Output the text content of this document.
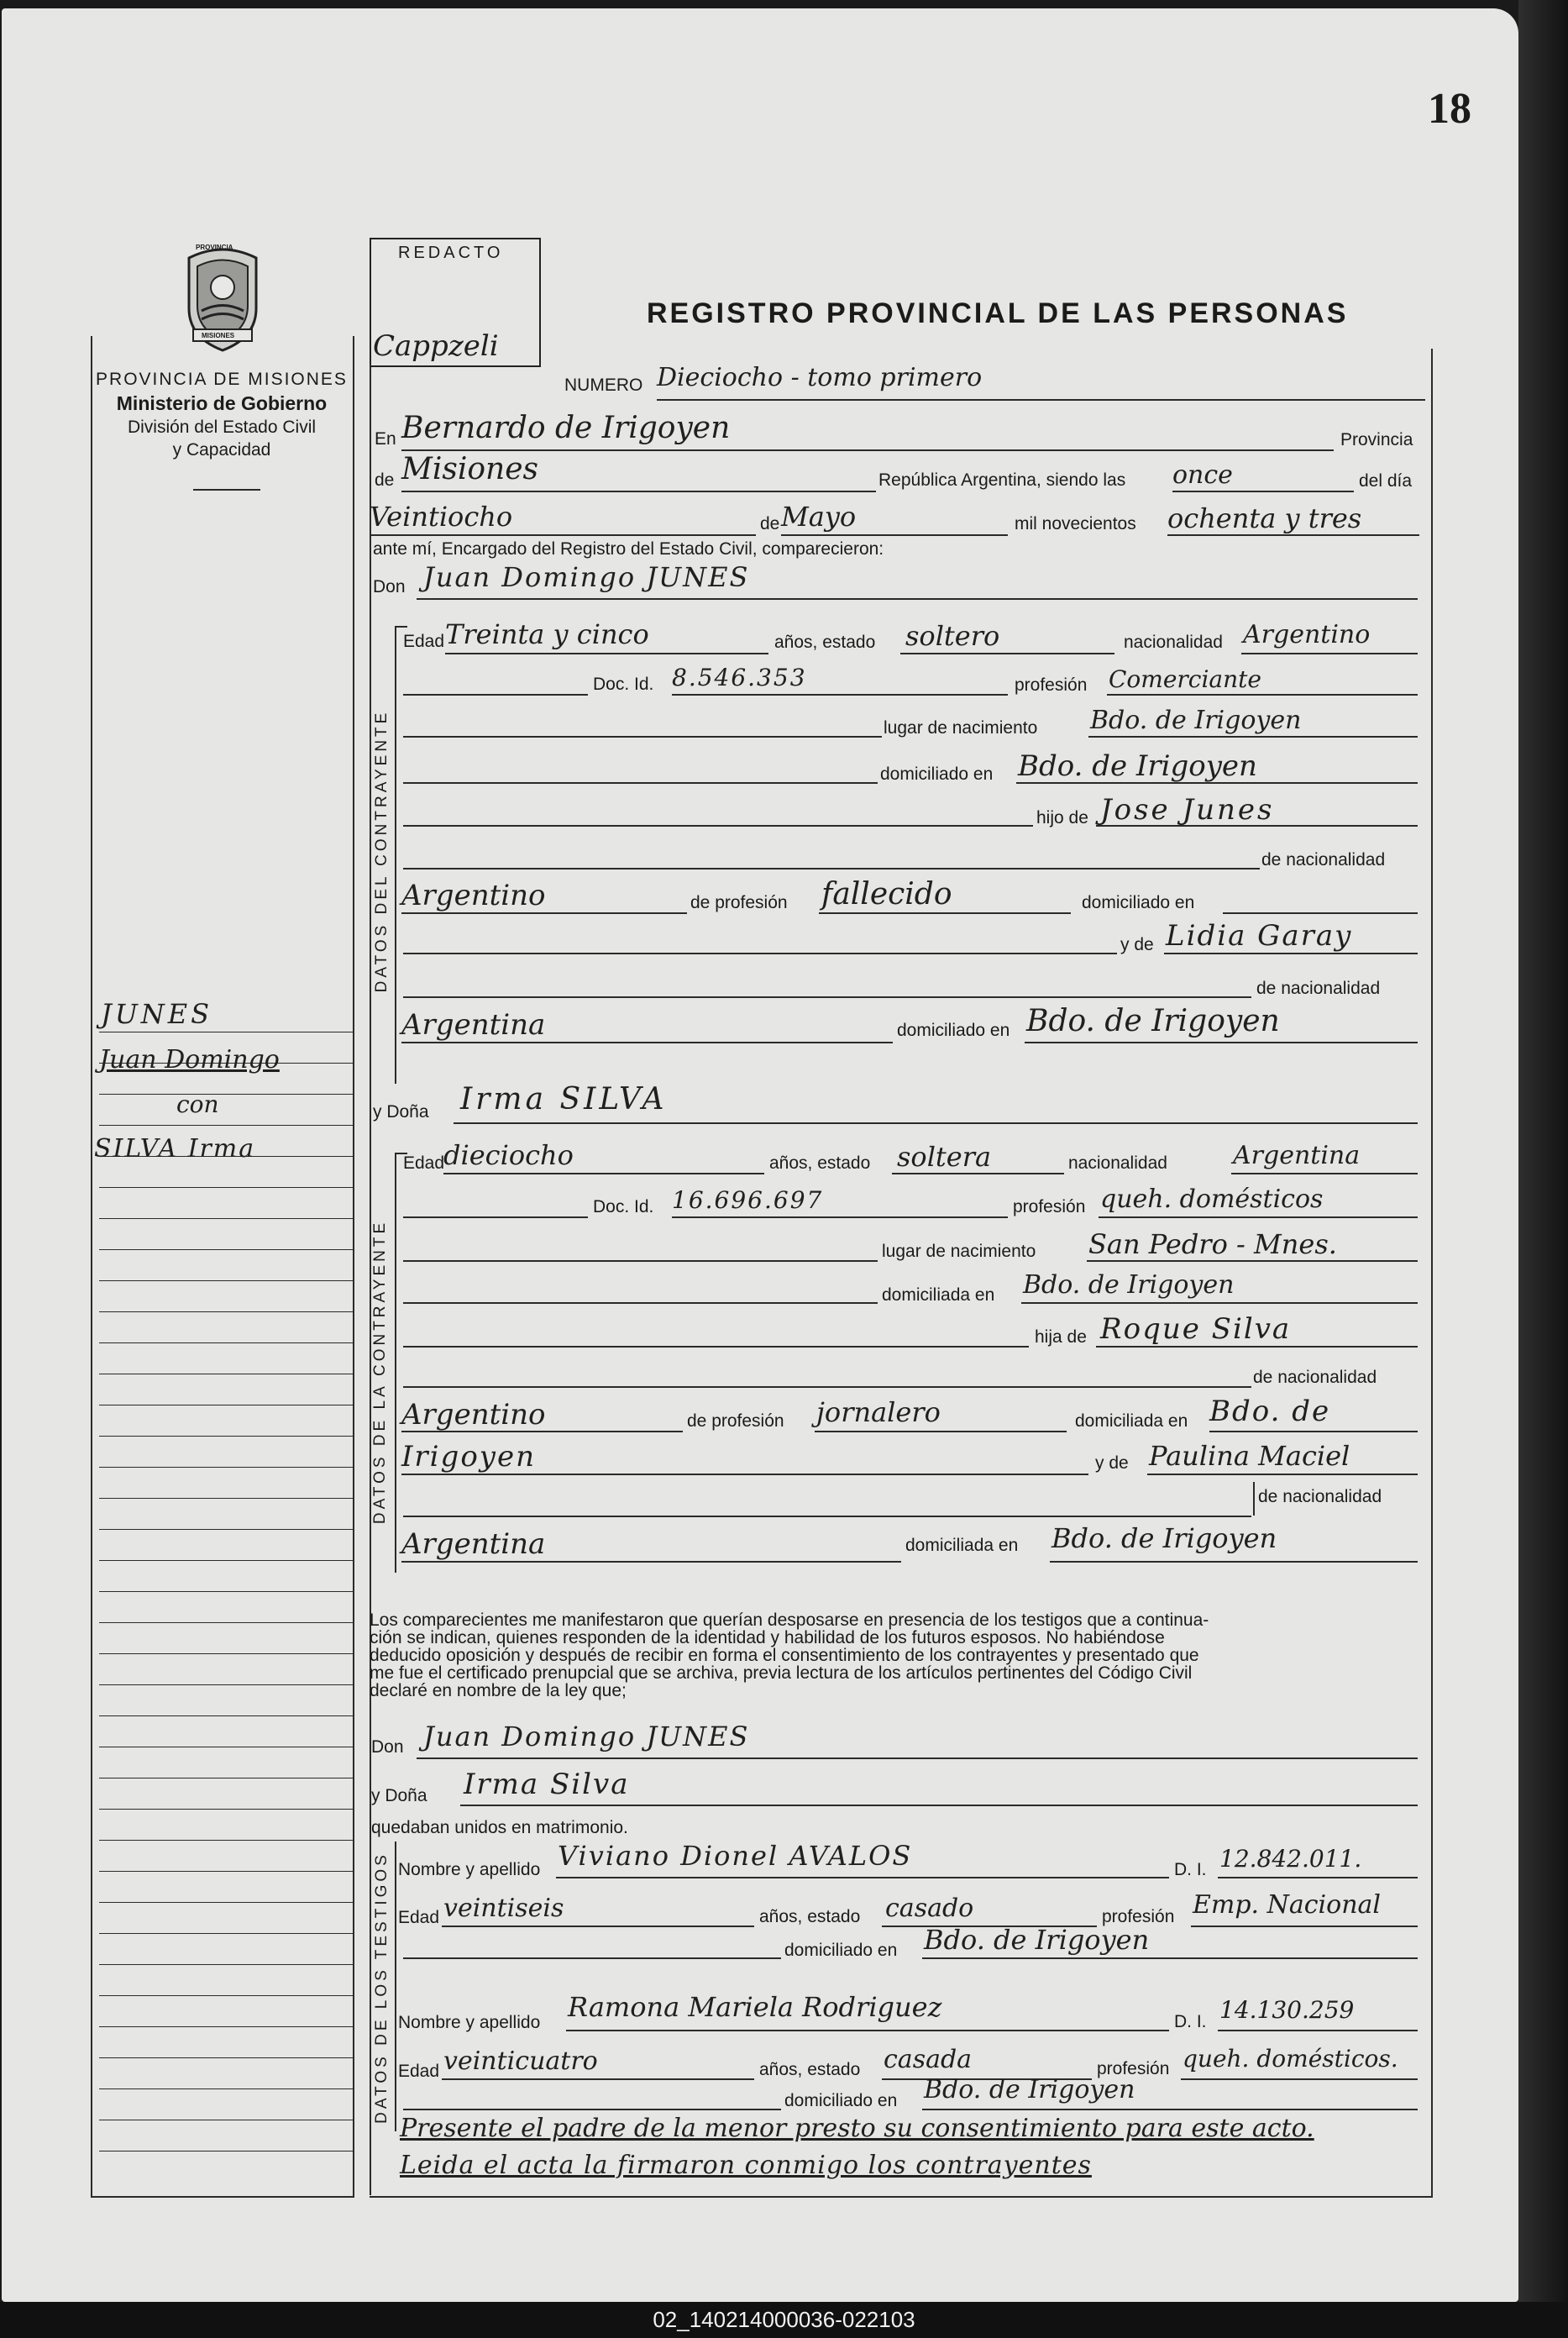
18
PROVINCIA
MISIONES
PROVINCIA DE MISIONES
Ministerio de Gobierno
División del Estado Civil
y Capacidad
JUNES
Juan Domingo
con
SILVA Irma
REDACTO
Cappzeli
REGISTRO PROVINCIAL DE LAS PERSONAS
NUMERO Dieciocho - tomo primero
En Bernardo de Irigoyen	Provincia
de Misiones	República Argentina, siendo las once	del día
Veintiocho	de Mayo	mil novecientos ochenta y tres
ante mí, Encargado del Registro del Estado Civil, comparecieron:
Don Juan Domingo JUNES
DATOS DEL CONTRAYENTE
Edad Treinta y cinco	años, estado soltero	nacionalidad Argentino
Doc. Id. 8.546.353	profesión Comerciante
lugar de nacimiento Bdo. de Irigoyen
domiciliado en Bdo. de Irigoyen
hijo de Jose Junes
de nacionalidad
Argentino	de profesión fallecido	domiciliado en
y de Lidia Garay
de nacionalidad
Argentina	domiciliado en Bdo. de Irigoyen
y Doña Irma SILVA
DATOS DE LA CONTRAYENTE
Edad
dieciocho	años, estado soltera	nacionalidad	Argentina
Doc. Id. 16.696.697	profesión queh. domésticos
lugar de nacimiento San Pedro - Mnes.
domiciliada en Bdo. de Irigoyen
hija de Roque Silva
de nacionalidad
Argentino	de profesión jornalero	domiciliada en Bdo. de
Irigoyen	y de Paulina Maciel
de nacionalidad
Argentina	domiciliada en Bdo. de Irigoyen
Los comparecientes me manifestaron que querían desposarse en presencia de los testigos que a continua-
ción se indican, quienes responden de la identidad y habilidad de los futuros esposos. No habiéndose
deducido oposición y después de recibir en forma el consentimiento de los contrayentes y presentado que
me fue el certificado prenupcial que se archiva, previa lectura de los artículos pertinentes del Código Civil
declaré en nombre de la ley que;
Don Juan Domingo JUNES
y Doña Irma Silva
quedaban unidos en matrimonio.
DATOS DE LOS TESTIGOS Nombre y apellido Viviano Dionel AVALOS	D. I. 12.842.011.
Edad veintiseis	años, estado casado	profesión Emp. Nacional
domiciliado en Bdo. de Irigoyen
Nombre y apellido Ramona Mariela Rodriguez	D. I. 14.130.259
Edad veinticuatro	años, estado casada	profesión queh. domésticos.
domiciliado en Bdo. de Irigoyen
Presente el padre de la menor presto su consentimiento para este acto.
Leida el acta la firmaron conmigo los contrayentes
02_140214000036-022103
